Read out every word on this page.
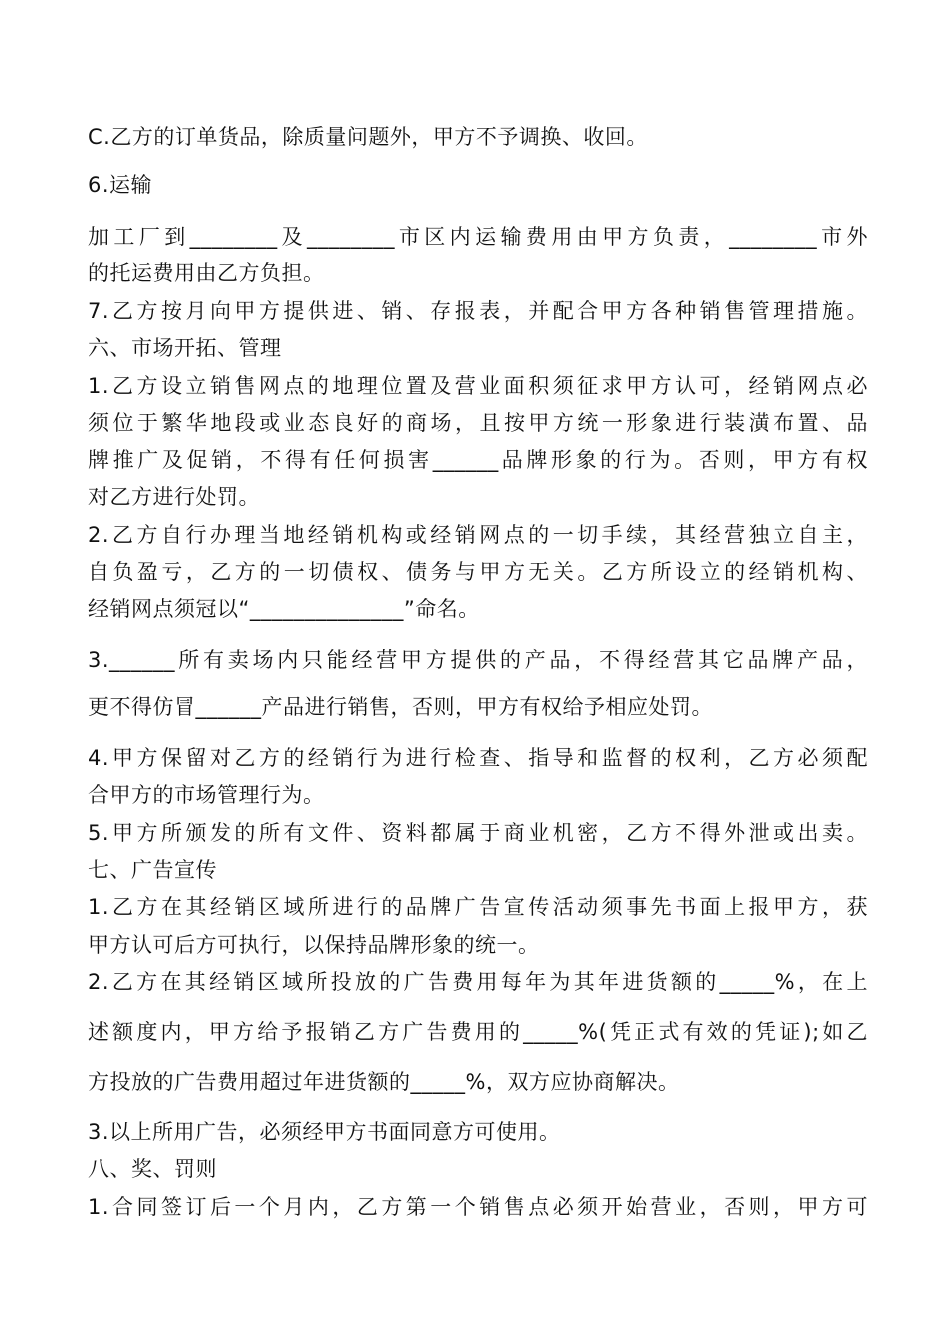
C.乙方的订单货品，除质量问题外，甲方不予调换、收回。
6.运输
加工厂到________及________市区内运输费用由甲方负责，________市外
的托运费用由乙方负担。
7.乙方按月向甲方提供进、销、存报表，并配合甲方各种销售管理措施。
六、市场开拓、管理
1.乙方设立销售网点的地理位置及营业面积须征求甲方认可，经销网点必
须位于繁华地段或业态良好的商场，且按甲方统一形象进行装潢布置、品
牌推广及促销，不得有任何损害______品牌形象的行为。否则，甲方有权
对乙方进行处罚。
2.乙方自行办理当地经销机构或经销网点的一切手续，其经营独立自主，
自负盈亏，乙方的一切债权、债务与甲方无关。乙方所设立的经销机构、
经销网点须冠以“______________”命名。
3.______所有卖场内只能经营甲方提供的产品，不得经营其它品牌产品，
更不得仿冒______产品进行销售，否则，甲方有权给予相应处罚。
4.甲方保留对乙方的经销行为进行检查、指导和监督的权利，乙方必须配
合甲方的市场管理行为。
5.甲方所颁发的所有文件、资料都属于商业机密，乙方不得外泄或出卖。
七、广告宣传
1.乙方在其经销区域所进行的品牌广告宣传活动须事先书面上报甲方，获
甲方认可后方可执行，以保持品牌形象的统一。
2.乙方在其经销区域所投放的广告费用每年为其年进货额的_____%，在上
述额度内，甲方给予报销乙方广告费用的_____%(凭正式有效的凭证);如乙
方投放的广告费用超过年进货额的_____%，双方应协商解决。
3.以上所用广告，必须经甲方书面同意方可使用。
八、奖、罚则
1.合同签订后一个月内，乙方第一个销售点必须开始营业，否则，甲方可
